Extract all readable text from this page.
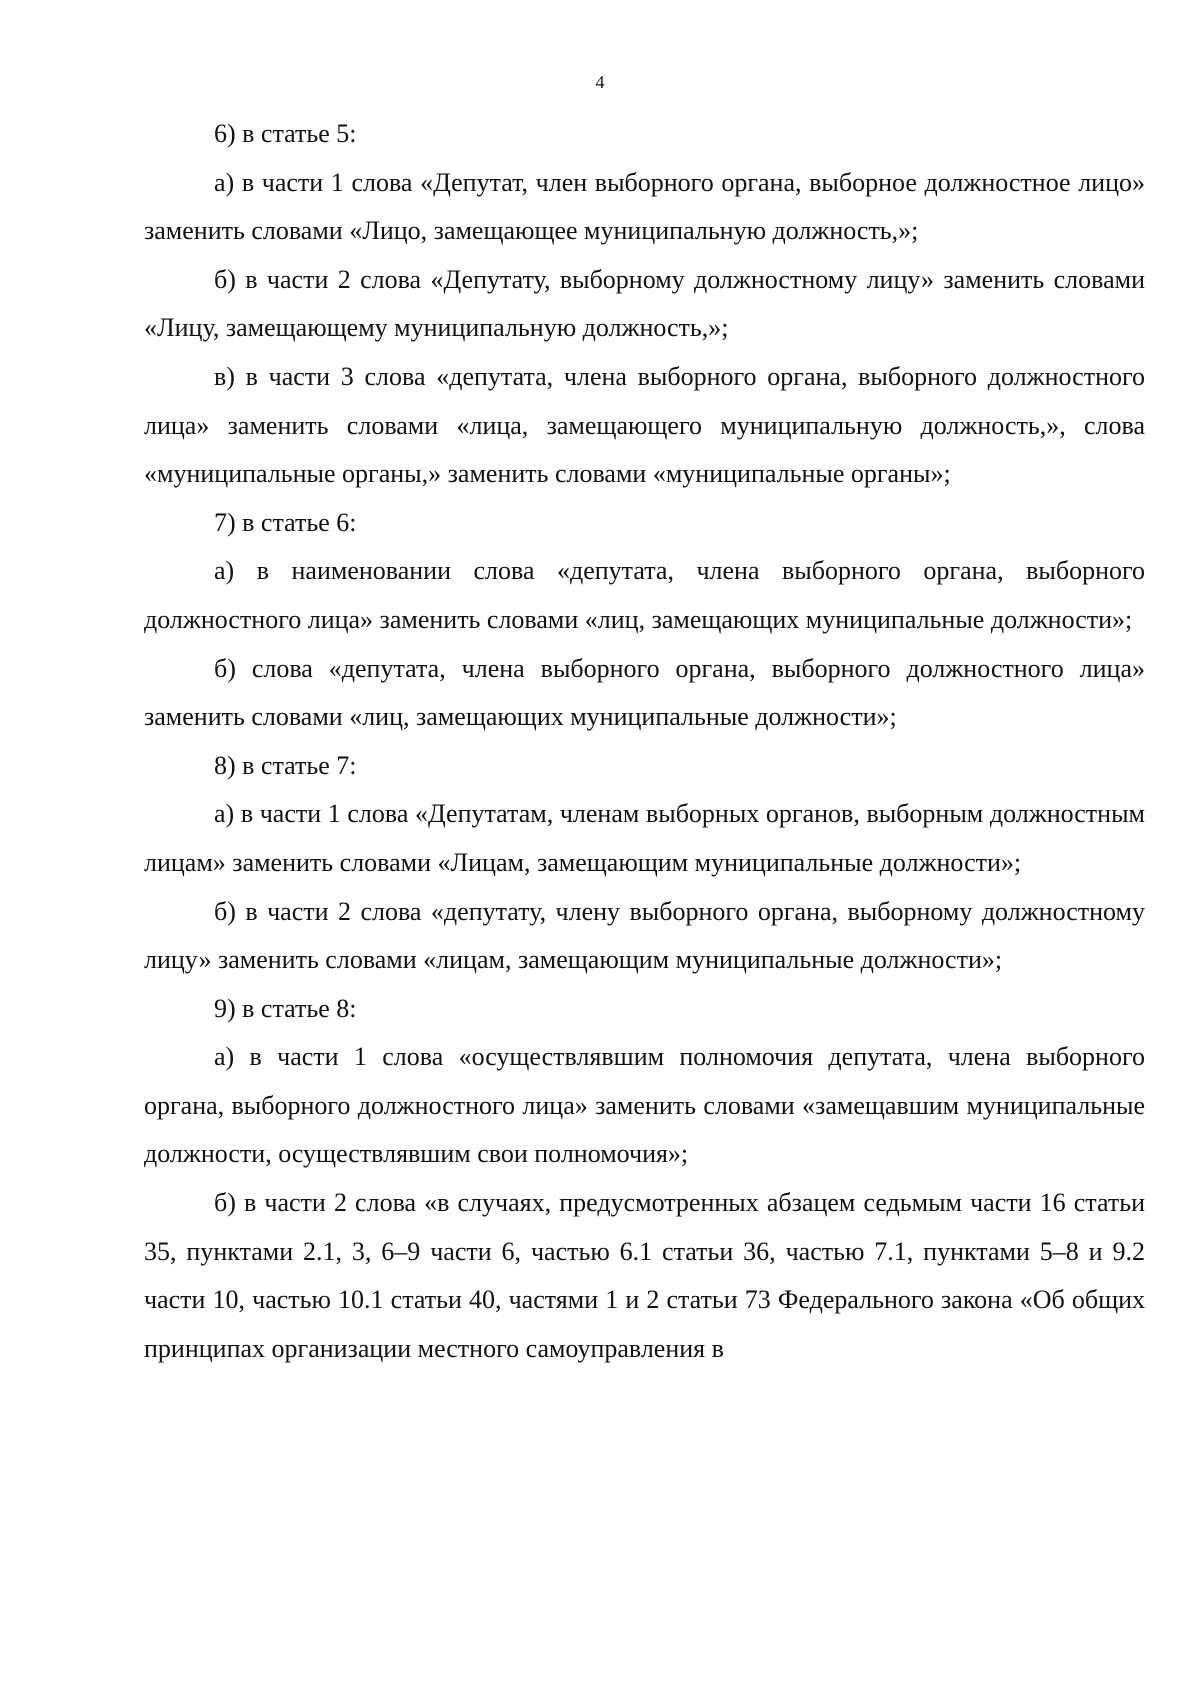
4

6) в статье 5:

а) в части 1 слова «Депутат, член выборного органа, выборное должностное лицо» заменить словами «Лицо, замещающее муниципальную должность,»;

б) в части 2 слова «Депутату, выборному должностному лицу» заменить словами «Лицу, замещающему муниципальную должность,»;

в) в части 3 слова «депутата, члена выборного органа, выборного должностного лица» заменить словами «лица, замещающего муниципальную должность,», слова «муниципальные органы,» заменить словами «муниципальные органы»;

7) в статье 6:

а) в наименовании слова «депутата, члена выборного органа, выборного должностного лица» заменить словами «лиц, замещающих муниципальные должности»;

б) слова «депутата, члена выборного органа, выборного должностного лица» заменить словами «лиц, замещающих муниципальные должности»;

8) в статье 7:

а) в части 1 слова «Депутатам, членам выборных органов, выборным должностным лицам» заменить словами «Лицам, замещающим муниципальные должности»;

б) в части 2 слова «депутату, члену выборного органа, выборному должностному лицу» заменить словами «лицам, замещающим муниципальные должности»;

9) в статье 8:

а) в части 1 слова «осуществлявшим полномочия депутата, члена выборного органа, выборного должностного лица» заменить словами «замещавшим муниципальные должности, осуществлявшим свои полномочия»;

б) в части 2 слова «в случаях, предусмотренных абзацем седьмым части 16 статьи 35, пунктами 2.1, 3, 6–9 части 6, частью 6.1 статьи 36, частью 7.1, пунктами 5–8 и 9.2 части 10, частью 10.1 статьи 40, частями 1 и 2 статьи 73 Федерального закона «Об общих принципах организации местного самоуправления в
